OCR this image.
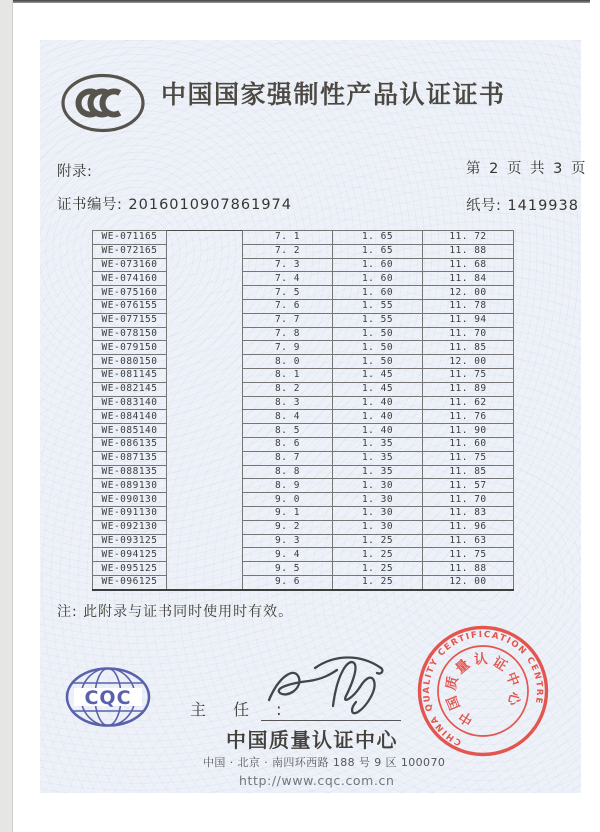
中国国家强制性产品认证证书
附录:	第 2 页 共 3 页
证书编号: 2016010907861974	纸号: 1419938
WE-071165		7. 1	1. 65	11. 72
WE-072165		7. 2	1. 65	11. 88
WE-073160		7. 3	1. 60	11. 68
WE-074160		7. 4	1. 60	11. 84
WE-075160		7. 5	1. 60	12. 00
WE-076155		7. 6	1. 55	11. 78
WE-077155		7. 7	1. 55	11. 94
WE-078150		7. 8	1. 50	11. 70
WE-079150		7. 9	1. 50	11. 85
WE-080150		8. 0	1. 50	12. 00
WE-081145		8. 1	1. 45	11. 75
WE-082145		8. 2	1. 45	11. 89
WE-083140		8. 3	1. 40	11. 62
WE-084140		8. 4	1. 40	11. 76
WE-085140		8. 5	1. 40	11. 90
WE-086135		8. 6	1. 35	11. 60
WE-087135		8. 7	1. 35	11. 75
WE-088135		8. 8	1. 35	11. 85
WE-089130		8. 9	1. 30	11. 57
WE-090130		9. 0	1. 30	11. 70
WE-091130		9. 1	1. 30	11. 83
WE-092130		9. 2	1. 30	11. 96
WE-093125		9. 3	1. 25	11. 63
WE-094125		9. 4	1. 25	11. 75
WE-095125		9. 5	1. 25	11. 88
WE-096125		9. 6	1. 25	12. 00
注: 此附录与证书同时使用时有效。
CQC
主 任 :
中国质量认证中心
中国 · 北京 · 南四环西路 188 号 9 区 100070
http://www.cqc.com.cn
CHINA QUALITY CERTIFICATION CENTRE
中
国
质
量 认 证
中
心
